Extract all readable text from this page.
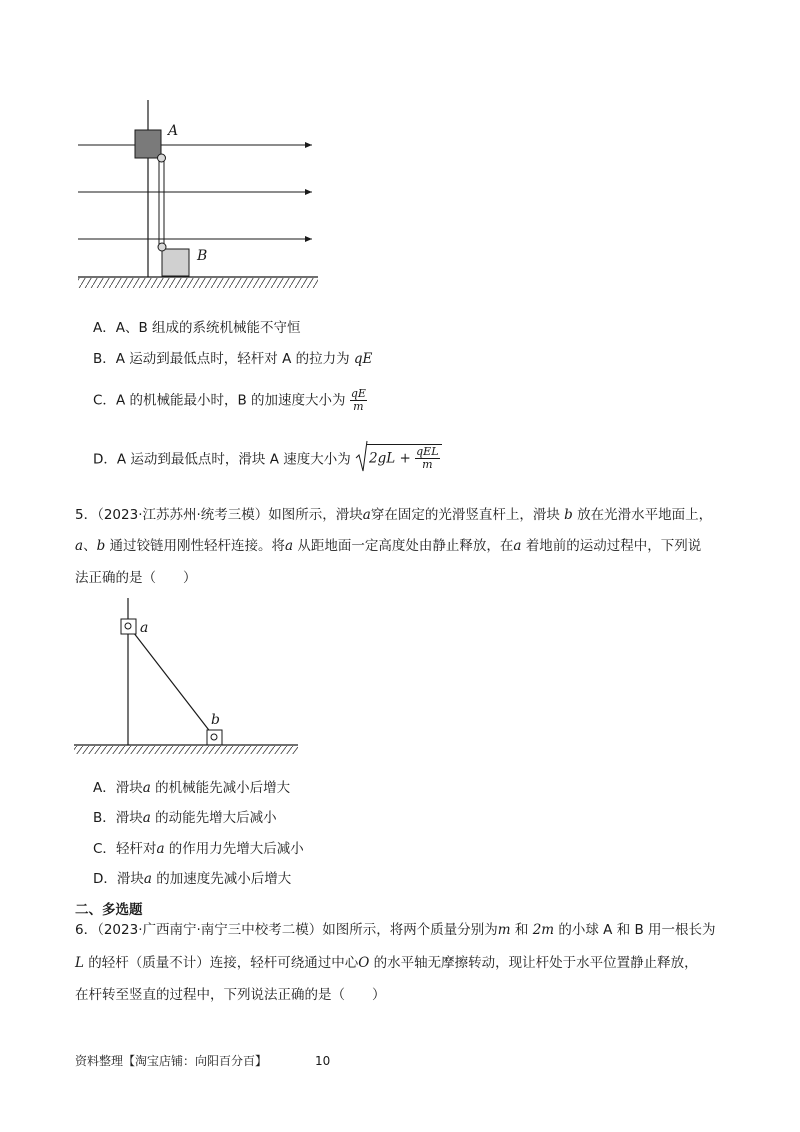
A
B
A．A、B 组成的系统机械能不守恒
B．A 运动到最低点时，轻杆对 A 的拉力为 qE
C．A 的机械能最小时，B 的加速度大小为 $\frac{qE}{m}$
D．A 运动到最低点时，滑块 A 速度大小为
$2gL + \frac{\text{qEL}}{m}$
5．（2023·江苏苏州·统考三模）如图所示，滑块a穿在固定的光滑竖直杆上，滑块 b 放在光滑水平地面上，
a、b 通过铰链用刚性轻杆连接。将a 从距地面一定高度处由静止释放，在a 着地前的运动过程中，下列说
法正确的是（　　）
a
b
A．滑块a 的机械能先减小后增大
B．滑块a 的动能先增大后减小
C．轻杆对a 的作用力先增大后减小
D．滑块a 的加速度先减小后增大
二、多选题
6．（2023·广西南宁·南宁三中校考二模）如图所示，将两个质量分别为m 和 2m 的小球 A 和 B 用一根长为
L 的轻杆（质量不计）连接，轻杆可绕通过中心O 的水平轴无摩擦转动，现让杆处于水平位置静止释放，
在杆转至竖直的过程中，下列说法正确的是（　　）
资料整理【淘宝店铺：向阳百分百】	10
